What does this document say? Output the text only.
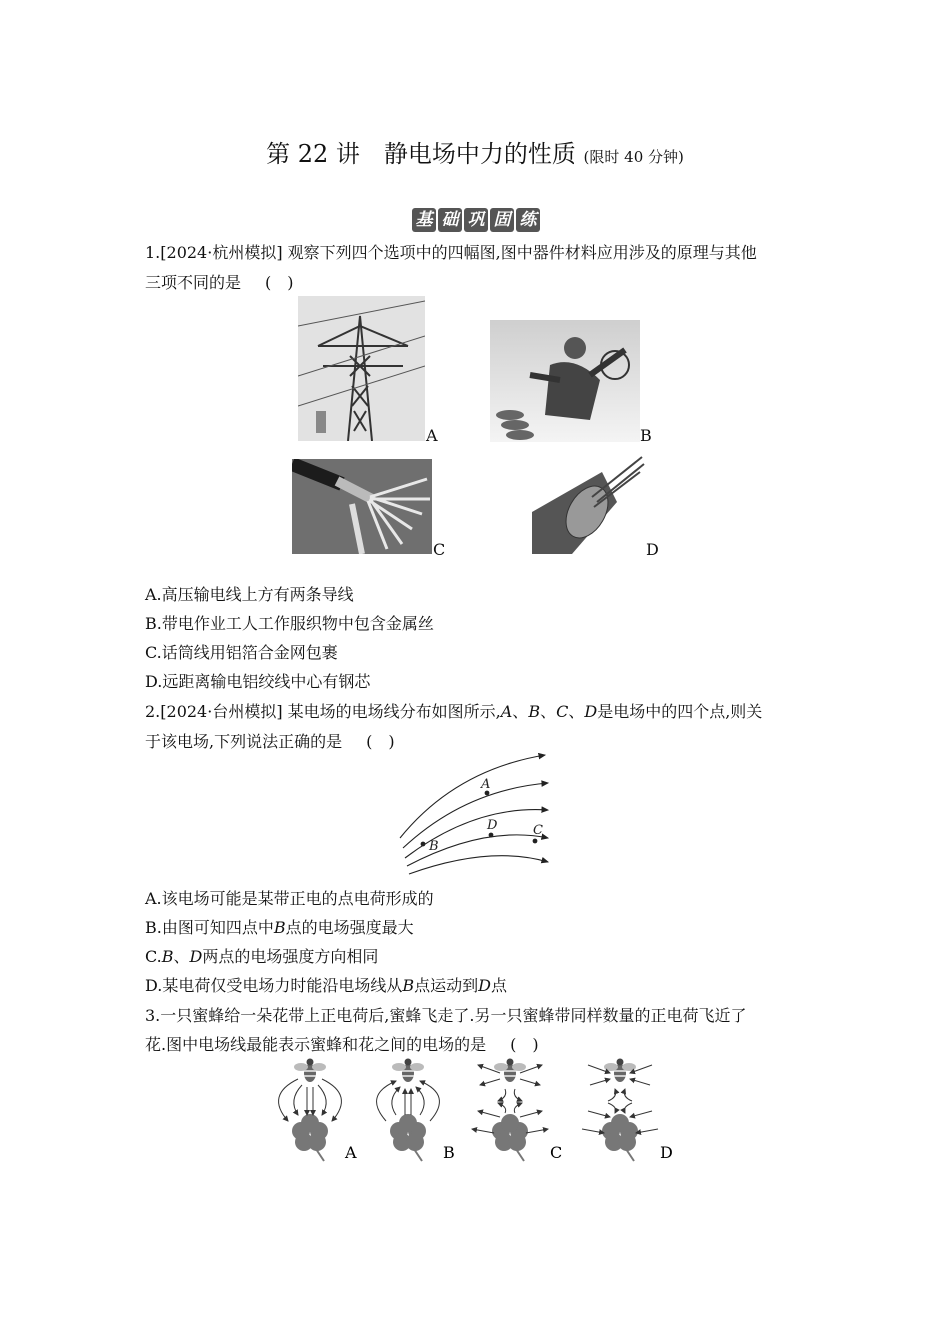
第 22 讲　静电场中力的性质 (限时 40 分钟)
基 础 巩 固 练
1.[2024·杭州模拟] 观察下列四个选项中的四幅图,图中器件材料应用涉及的原理与其他
三项不同的是 (　)
A	B
C	D
A.高压输电线上方有两条导线
B.带电作业工人工作服织物中包含金属丝
C.话筒线用铝箔合金网包裹
D.远距离输电铝绞线中心有钢芯
2.[2024·台州模拟] 某电场的电场线分布如图所示,A、B、C、D是电场中的四个点,则关
于该电场,下列说法正确的是 (　)
A
D	C
B
A.该电场可能是某带正电的点电荷形成的
B.由图可知四点中B点的电场强度最大
C.B、D两点的电场强度方向相同
D.某电荷仅受电场力时能沿电场线从B点运动到D点
3.一只蜜蜂给一朵花带上正电荷后,蜜蜂飞走了.另一只蜜蜂带同样数量的正电荷飞近了
花.图中电场线最能表示蜜蜂和花之间的电场的是 (　)
A	B	C	D
